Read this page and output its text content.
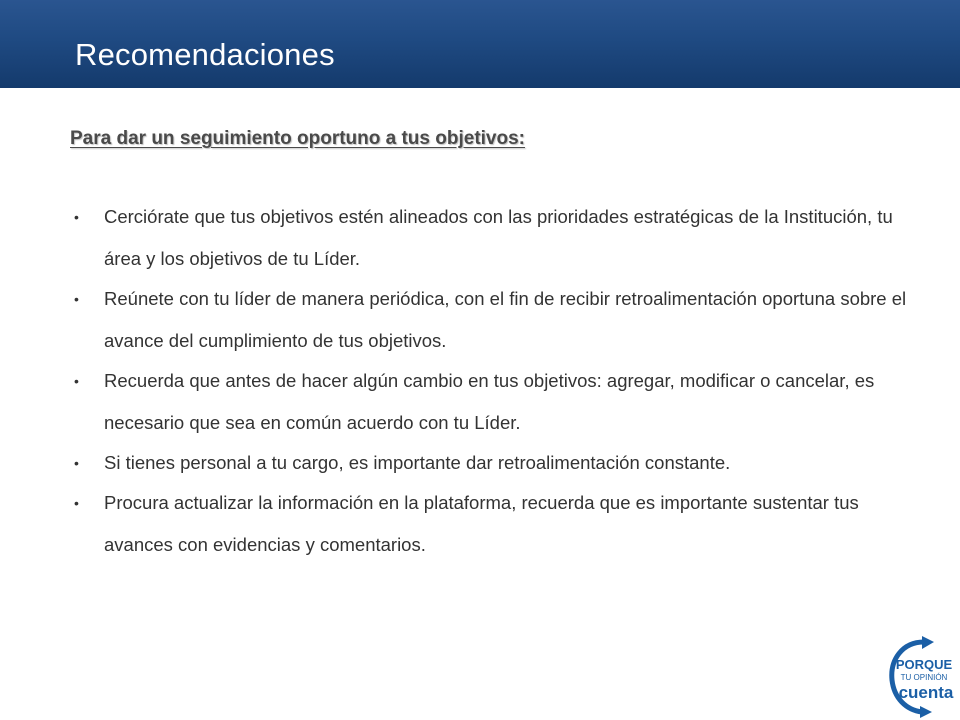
Recomendaciones
Para dar un seguimiento oportuno a tus objetivos:
• Cerciórate que tus objetivos estén alineados con las prioridades estratégicas de la Institución, tu área y los objetivos de tu Líder.
• Reúnete con tu líder de manera periódica, con el fin de recibir retroalimentación oportuna sobre el avance del cumplimiento de tus objetivos.
• Recuerda que antes de hacer algún cambio en tus objetivos: agregar, modificar o cancelar, es necesario que sea en común acuerdo con tu Líder.
• Si tienes personal a tu cargo, es importante dar retroalimentación constante.
• Procura actualizar la información en la plataforma, recuerda que es importante sustentar tus avances con evidencias y comentarios.
PORQUE
TU OPINIÓN
cuenta
